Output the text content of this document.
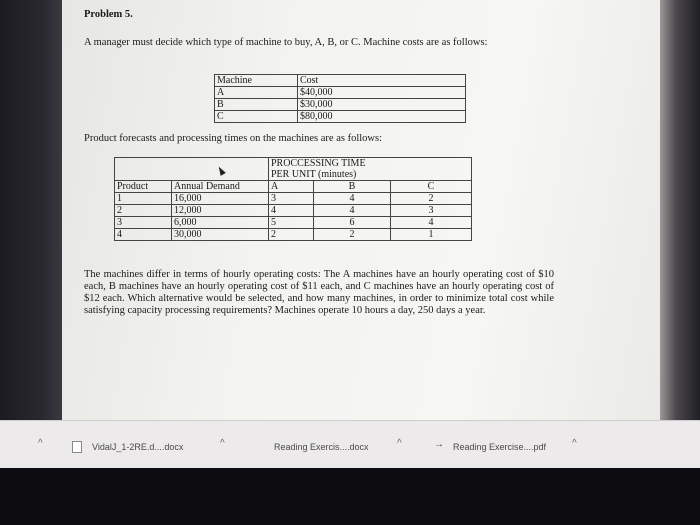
Problem 5.
A manager must decide which type of machine to buy, A, B, or C. Machine costs are as follows:
Machine	Cost
A	$40,000
B	$30,000
C	$80,000
Product forecasts and processing times on the machines are as follows:
		PROCCESSING TIME		
		PER UNIT (minutes)		
Product	Annual Demand	A	B	C
1	16,000	3	4	2
2	12,000	4	4	3
3	6,000	5	6	4
4	30,000	2	2	1
The machines differ in terms of hourly operating costs: The A machines have an hourly operating cost of $10 each, B machines have an hourly operating cost of $11 each, and C machines have an hourly operating cost of $12 each. Which alternative would be selected, and how many machines, in order to minimize total cost while satisfying capacity processing requirements? Machines operate 10 hours a day, 250 days a year.
^	VidalJ_1-2RE.d....docx	^	Reading Exercis....docx	^	→ Reading Exercise....pdf	^
